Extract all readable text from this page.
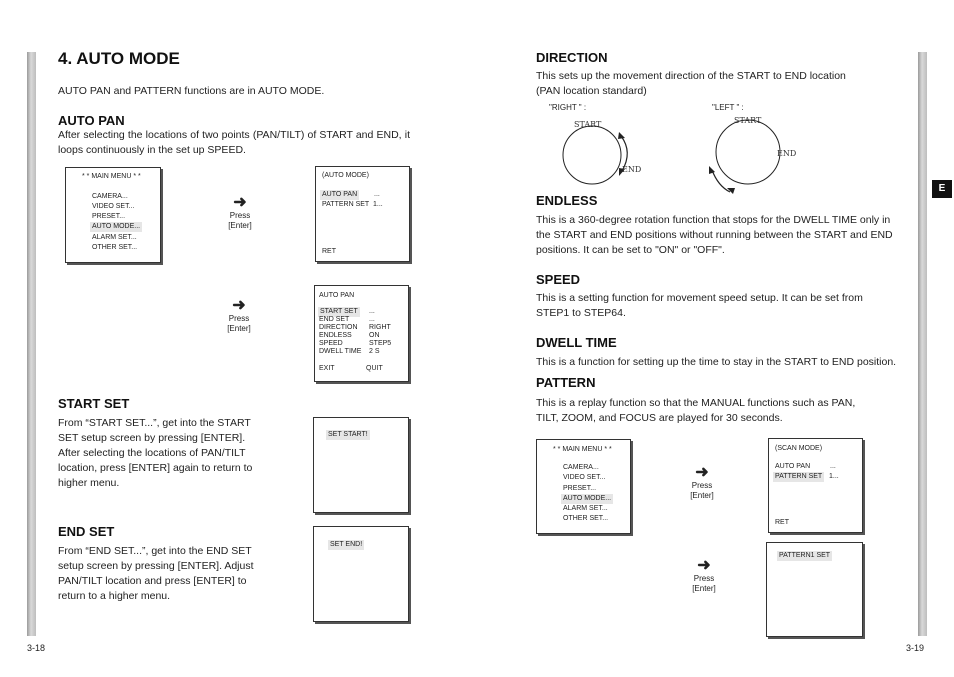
4. AUTO MODE
AUTO PAN and PATTERN functions are in AUTO MODE.
AUTO PAN
After selecting the locations of two points (PAN/TILT) of START and END, it loops continuously in the set up SPEED.
* * MAIN MENU * *
CAMERA...
VIDEO SET...
PRESET...
AUTO MODE...
ALARM SET...
OTHER SET...
➜
Press
[Enter]
(AUTO MODE)
AUTO PAN ...
PATTERN SET 1...
RET
➜
Press
[Enter]
AUTO PAN
START SET ...
END SET	...
DIRECTION RIGHT
ENDLESS ON
SPEED	STEP5
DWELL TIME 2 S
EXIT	QUIT
START SET
From “START SET...”, get into the START
SET setup screen by pressing [ENTER].
After selecting the locations of PAN/TILT
location, press [ENTER] again to return to
higher menu.
SET START!
END SET
From “END SET...”, get into the END SET
setup screen by pressing [ENTER]. Adjust
PAN/TILT location and press [ENTER] to
return to a higher menu.
SET END!
3-18
DIRECTION
This sets up the movement direction of the START to END location
(PAN location standard)
"RIGHT " :	"LEFT " :
START
END
START
END
ENDLESS
This is a 360-degree rotation function that stops for the DWELL TIME only in
the START and END positions without running between the START and END
positions. It can be set to "ON" or "OFF".
SPEED
This is a setting function for movement speed setup. It can be set from
STEP1 to STEP64.
DWELL TIME
This is a function for setting up the time to stay in the START to END position.
PATTERN
This is a replay function so that the MANUAL functions such as PAN,
TILT, ZOOM, and FOCUS are played for 30 seconds.
* * MAIN MENU * *
CAMERA...
VIDEO SET...
PRESET...
AUTO MODE...
ALARM SET...
OTHER SET...
➜
Press
[Enter]
(SCAN MODE)
AUTO PAN	...
PATTERN SET 1...
RET
➜
Press
[Enter]
PATTERN1 SET
E
3-19
